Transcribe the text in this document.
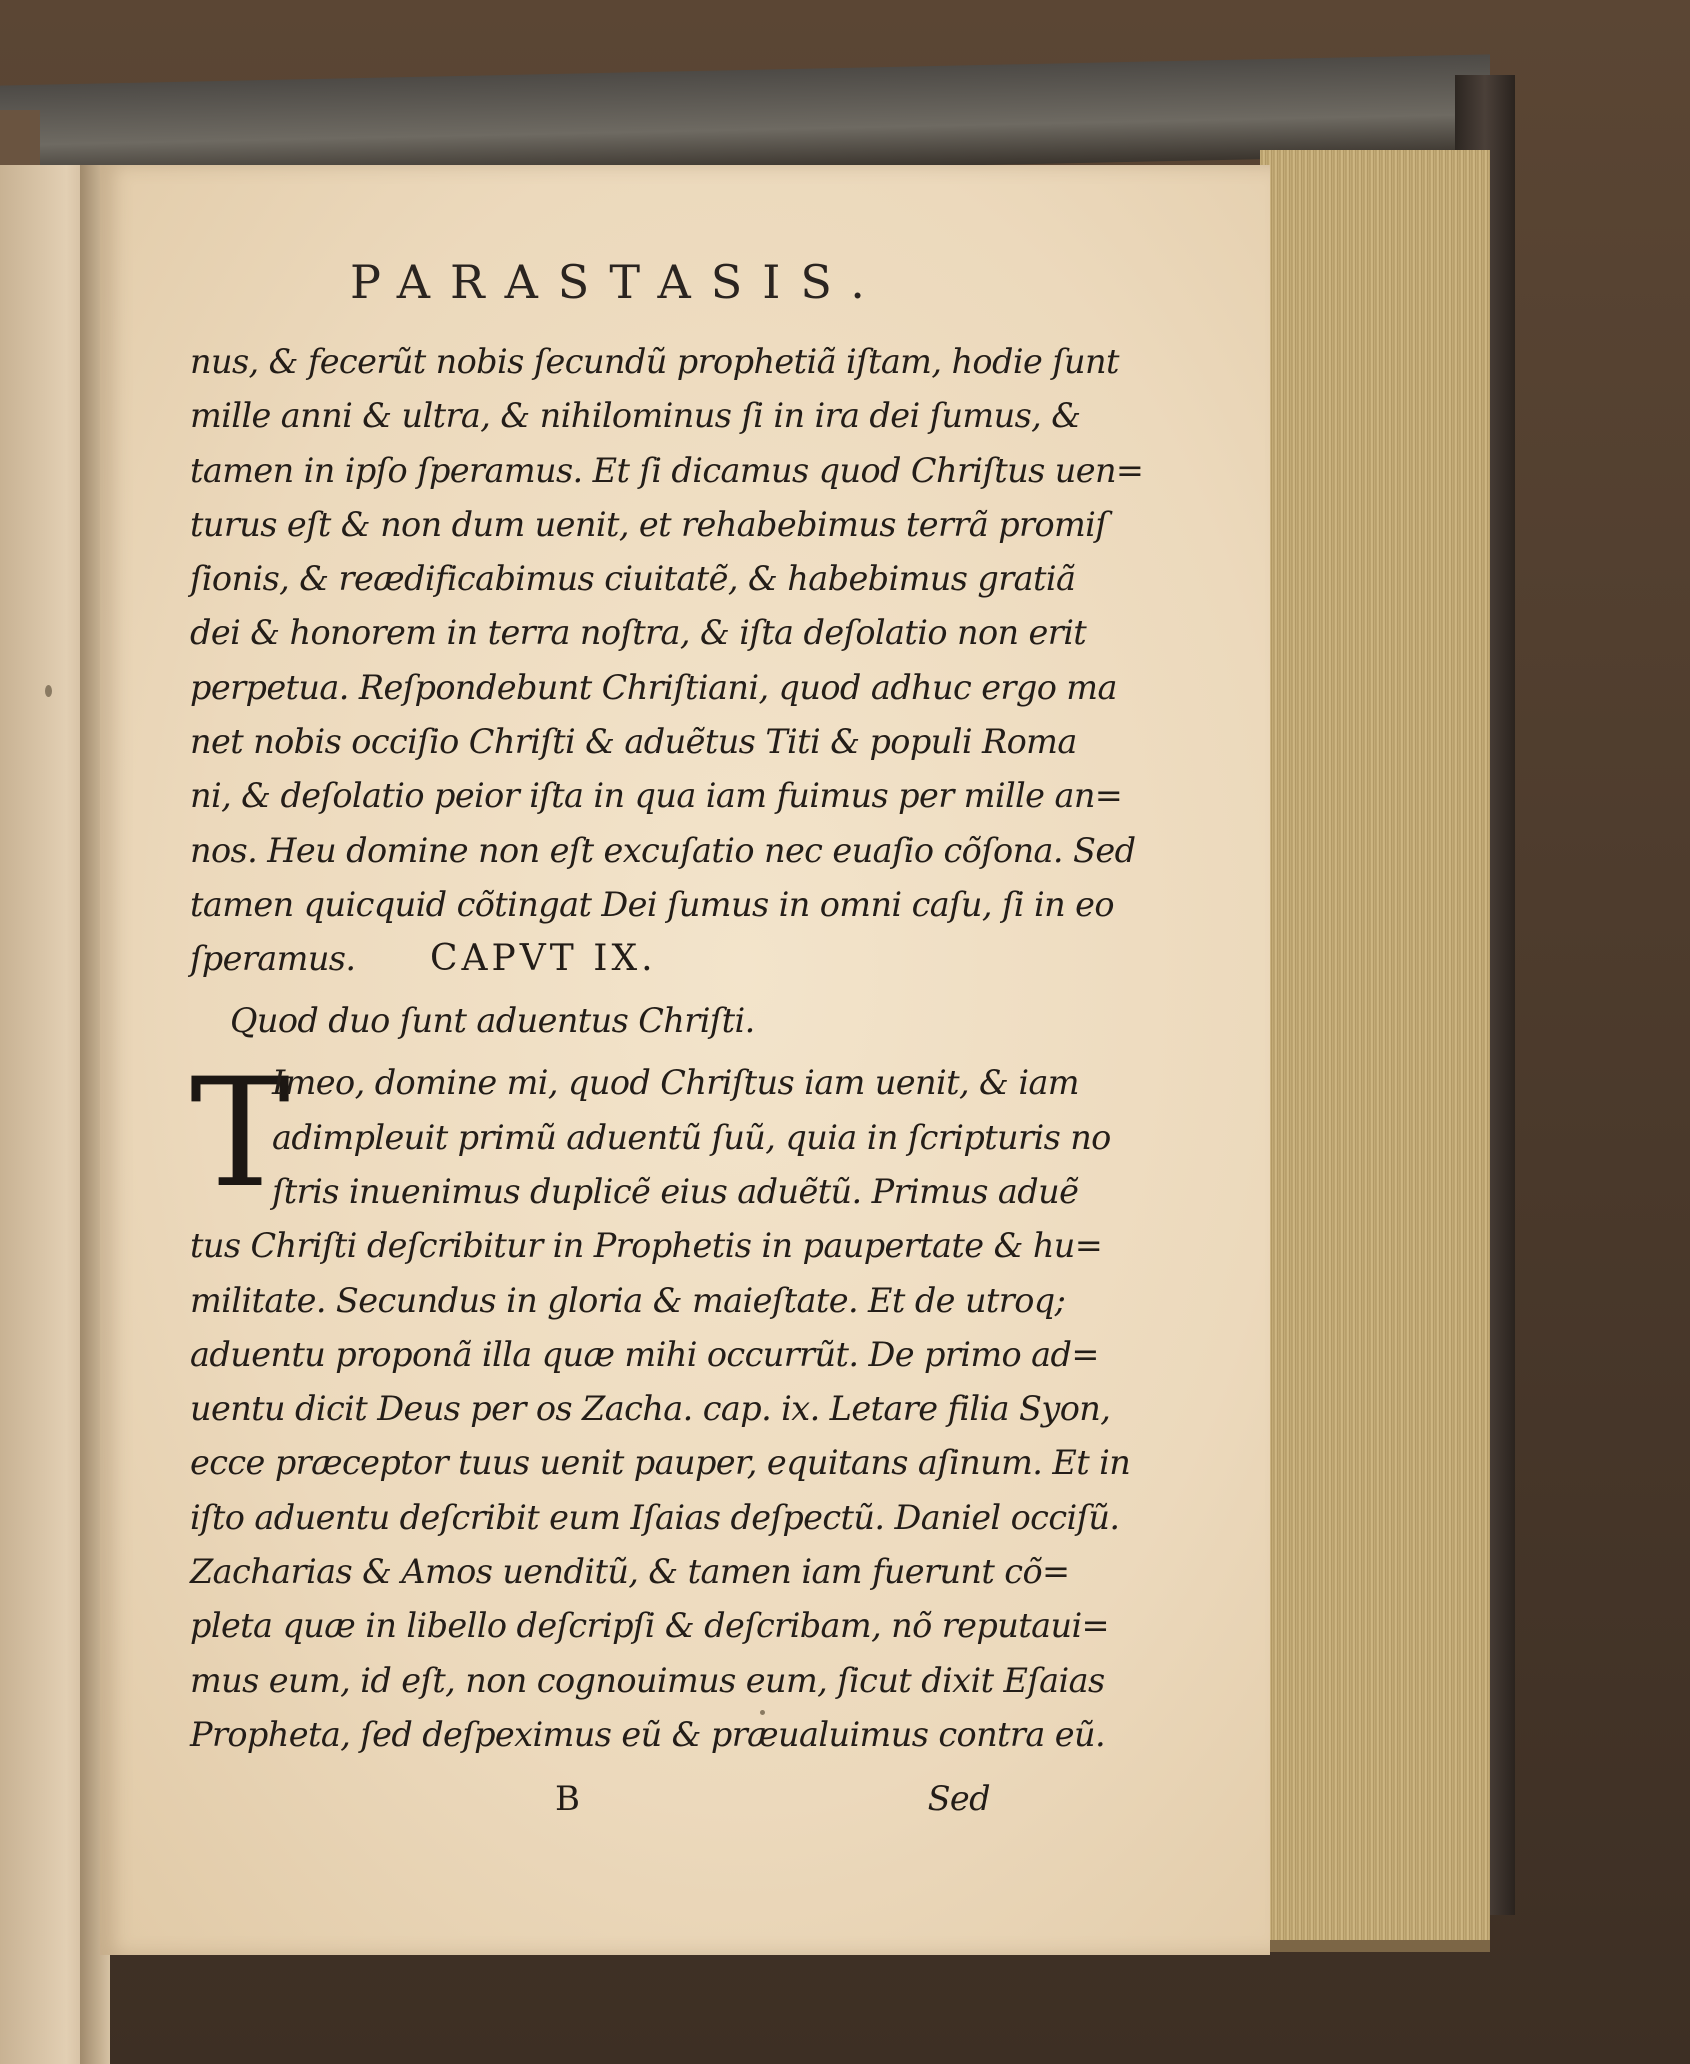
PARASTASIS.
nus, & fecerũt nobis ſecundũ prophetiã iſtam, hodie ſunt
mille anni & ultra, & nihilominus ſi in ira dei ſumus, &
tamen in ipſo ſperamus. Et ſi dicamus quod Chriſtus uen=
turus eſt & non dum uenit, et rehabebimus terrã promiſ
ſionis, & reædificabimus ciuitatẽ, & habebimus gratiã
dei & honorem in terra noſtra, & iſta deſolatio non erit
perpetua. Reſpondebunt Chriſtiani, quod adhuc ergo ma
net nobis occiſio Chriſti & aduẽtus Titi & populi Roma
ni, & deſolatio peior iſta in qua iam fuimus per mille an=
nos. Heu domine non eſt excuſatio nec euaſio cõſona. Sed
tamen quicquid cõtingat Dei ſumus in omni caſu, ſi in eo
ſperamus.	CAPVT IX.
Quod duo ſunt aduentus Chriſti.
T
Imeo, domine mi, quod Chriſtus iam uenit, & iam
adimpleuit primũ aduentũ ſuũ, quia in ſcripturis no
ſtris inuenimus duplicẽ eius aduẽtũ. Primus aduẽ
tus Chriſti deſcribitur in Prophetis in paupertate & hu=
militate. Secundus in gloria & maieſtate. Et de utroq;
aduentu proponã illa quæ mihi occurrũt. De primo ad=
uentu dicit Deus per os Zacha. cap. ix. Letare filia Syon,
ecce præceptor tuus uenit pauper, equitans aſinum. Et in
iſto aduentu deſcribit eum Iſaias deſpectũ. Daniel occiſũ.
Zacharias & Amos uenditũ, & tamen iam fuerunt cõ=
pleta quæ in libello deſcripſi & deſcribam, nõ reputaui=
mus eum, id eſt, non cognouimus eum, ſicut dixit Eſaias
Propheta, ſed deſpeximus eũ & præualuimus contra eũ.
B	Sed
